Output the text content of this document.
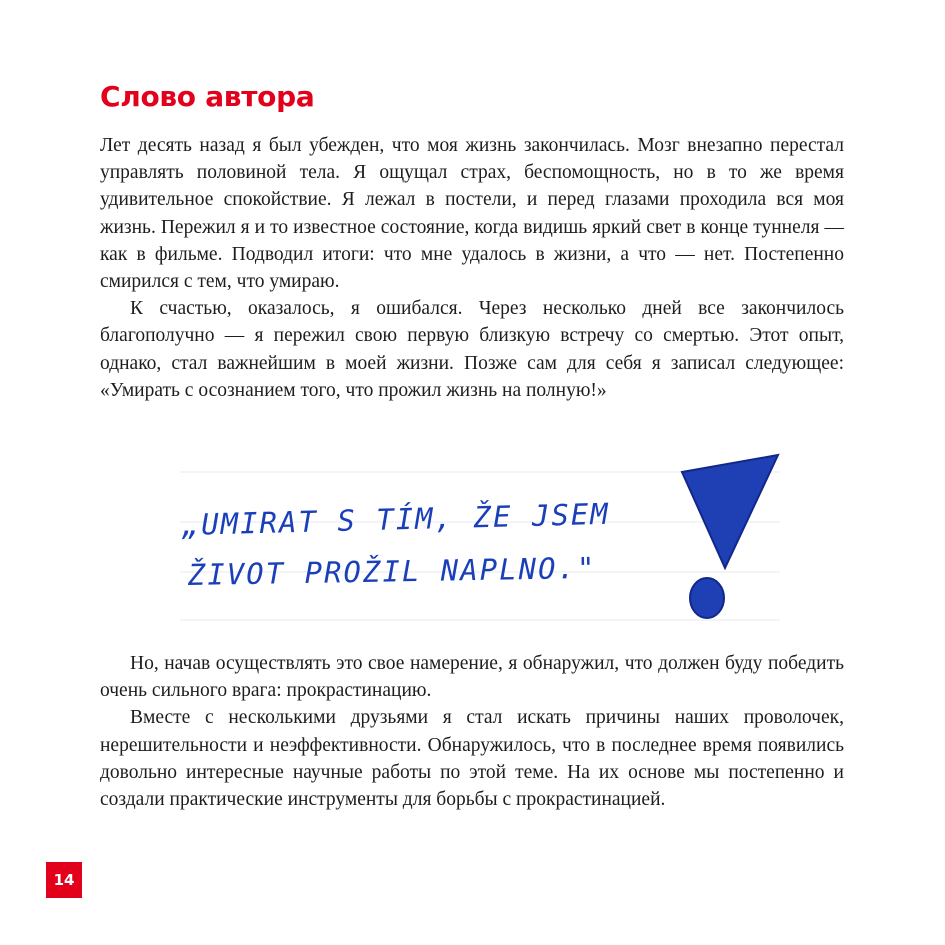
Слово автора

Лет десять назад я был убежден, что моя жизнь закончилась. Мозг внезапно перестал управлять половиной тела. Я ощущал страх, беспомощность, но в то же время удивительное спокойствие. Я лежал в постели, и перед глазами проходила вся моя жизнь. Пережил я и то известное состояние, когда видишь яркий свет в конце туннеля — как в фильме. Подводил итоги: что мне удалось в жизни, а что — нет. Постепенно смирился с тем, что умираю.

К счастью, оказалось, я ошибался. Через несколько дней все закончилось благополучно — я пережил свою первую близкую встречу со смертью. Этот опыт, однако, стал важнейшим в моей жизни. Позже сам для себя я записал следующее: «Умирать с осознанием того, что прожил жизнь на полную!»

„UMIRAT S TÍM, ŽE JSEM
ŽIVOT PROŽIL NAPLNO."

Но, начав осуществлять это свое намерение, я обнаружил, что должен буду победить очень сильного врага: прокрастинацию.

Вместе с несколькими друзьями я стал искать причины наших проволочек, нерешительности и неэффективности. Обнаружилось, что в последнее время появились довольно интересные научные работы по этой теме. На их основе мы постепенно и создали практические инструменты для борьбы с прокрастинацией.

14
